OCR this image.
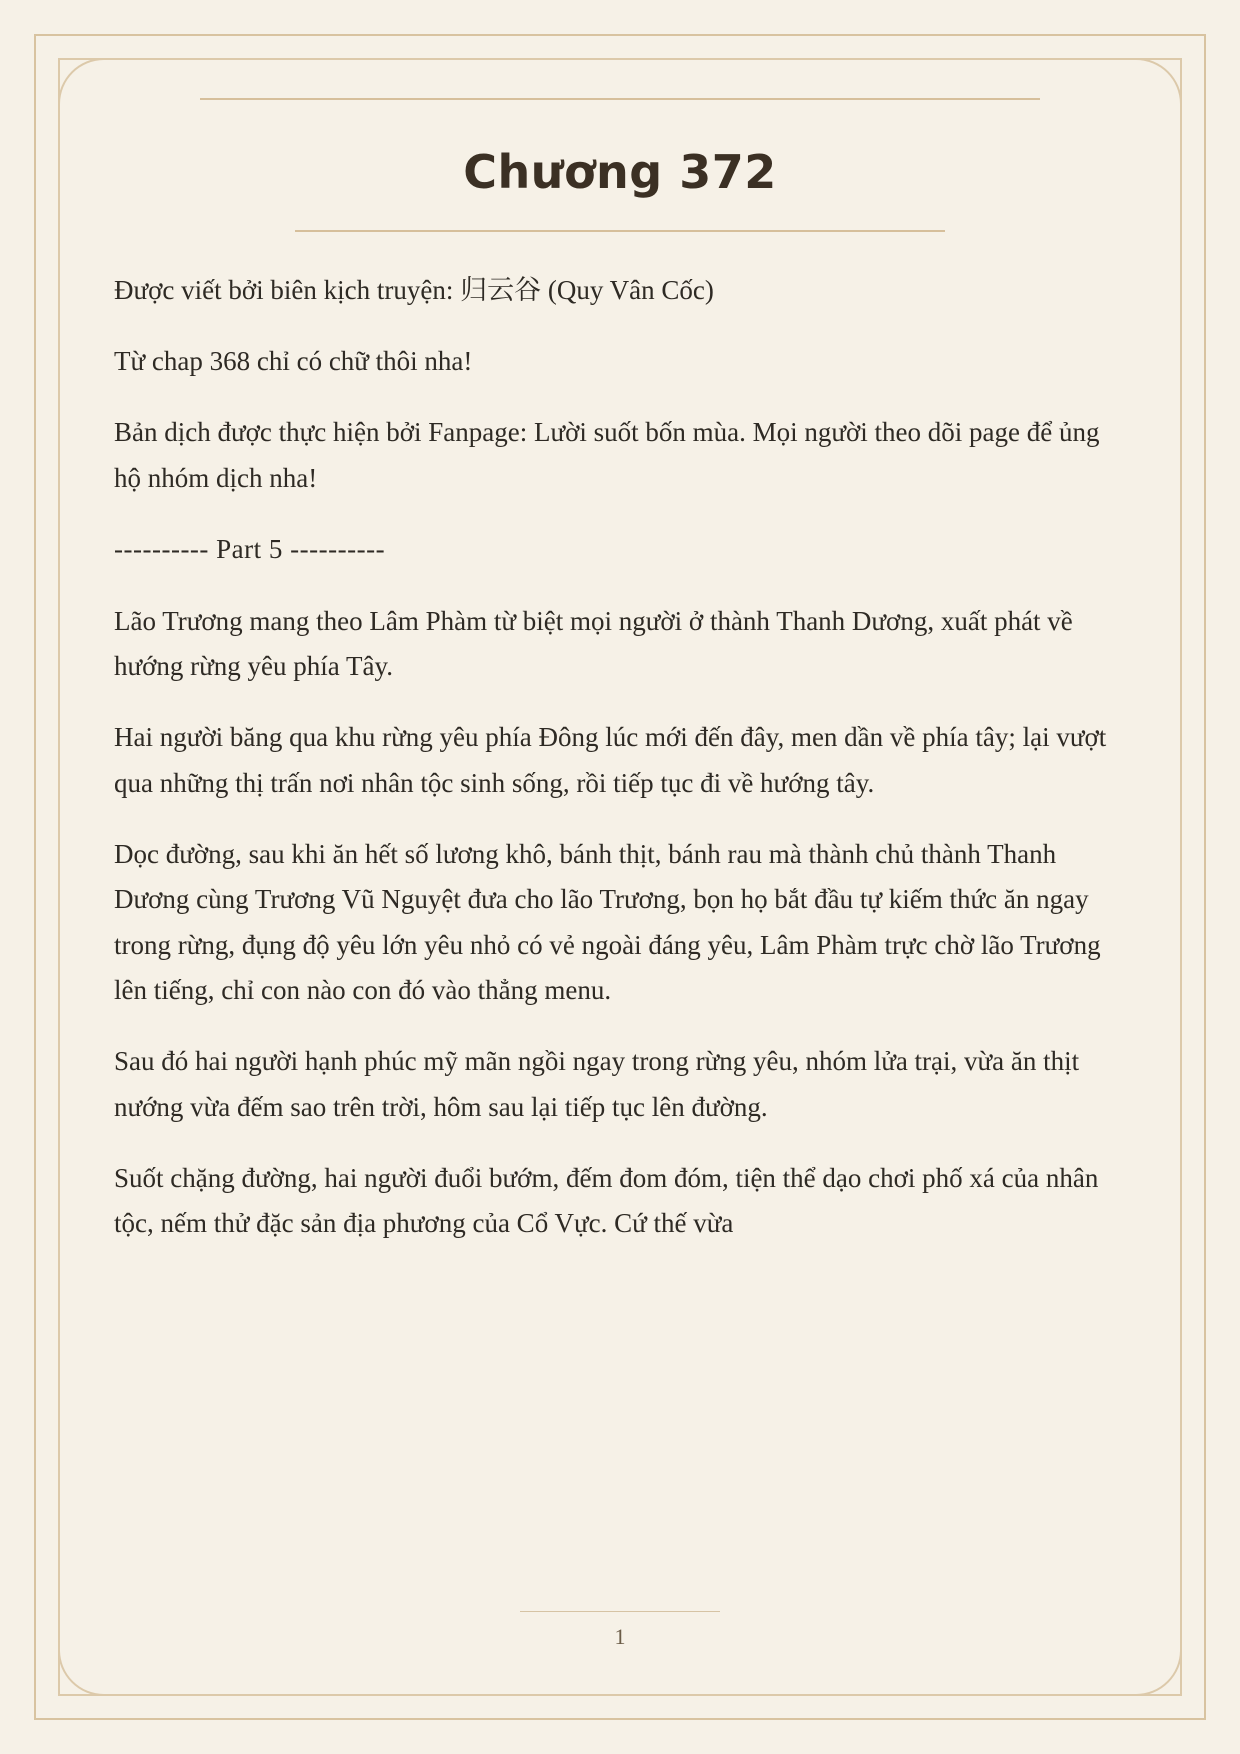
Chương 372

Được viết bởi biên kịch truyện: 归云谷 (Quy Vân Cốc)

Từ chap 368 chỉ có chữ thôi nha!

Bản dịch được thực hiện bởi Fanpage: Lười suốt bốn mùa. Mọi người theo dõi page để ủng hộ nhóm dịch nha!

---------- Part 5 ----------

Lão Trương mang theo Lâm Phàm từ biệt mọi người ở thành Thanh Dương, xuất phát về hướng rừng yêu phía Tây.

Hai người băng qua khu rừng yêu phía Đông lúc mới đến đây, men dần về phía tây; lại vượt qua những thị trấn nơi nhân tộc sinh sống, rồi tiếp tục đi về hướng tây.

Dọc đường, sau khi ăn hết số lương khô, bánh thịt, bánh rau mà thành chủ thành Thanh Dương cùng Trương Vũ Nguyệt đưa cho lão Trương, bọn họ bắt đầu tự kiếm thức ăn ngay trong rừng, đụng độ yêu lớn yêu nhỏ có vẻ ngoài đáng yêu, Lâm Phàm trực chờ lão Trương lên tiếng, chỉ con nào con đó vào thẳng menu.

Sau đó hai người hạnh phúc mỹ mãn ngồi ngay trong rừng yêu, nhóm lửa trại, vừa ăn thịt nướng vừa đếm sao trên trời, hôm sau lại tiếp tục lên đường.

Suốt chặng đường, hai người đuổi bướm, đếm đom đóm, tiện thể dạo chơi phố xá của nhân tộc, nếm thử đặc sản địa phương của Cổ Vực. Cứ thế vừa

1
